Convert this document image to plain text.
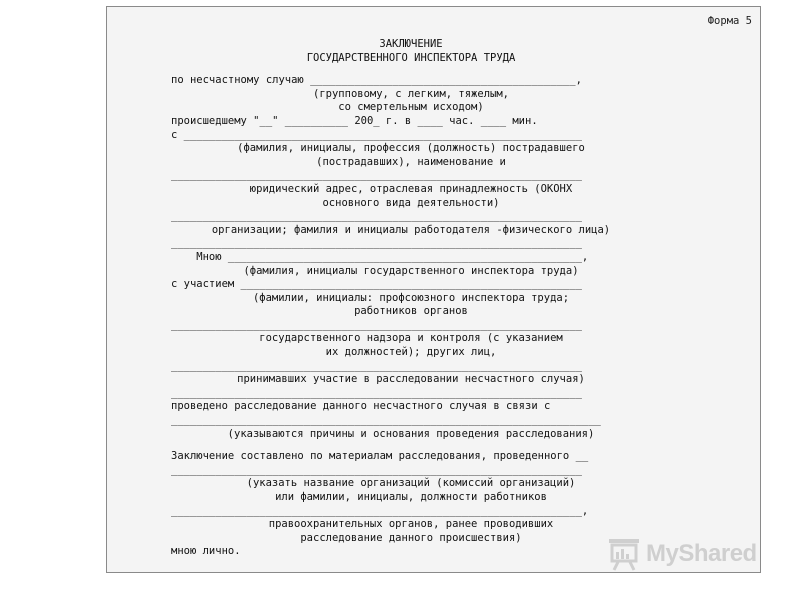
Форма 5
ЗАКЛЮЧЕНИЕ
ГОСУДАРСТВЕННОГО ИНСПЕКТОРА ТРУДА
по несчастному случаю __________________________________________,
(групповому, с легким, тяжелым,
со смертельным исходом)
происшедшему "__" __________ 200_ г. в ____ час. ____ мин.
с _______________________________________________________________
(фамилия, инициалы, профессия (должность) пострадавшего
(пострадавших), наименование и
_________________________________________________________________
юридический адрес, отраслевая принадлежность (ОКОНХ
основного вида деятельности)
_________________________________________________________________
организации; фамилия и инициалы работодателя -физического лица)
_________________________________________________________________
Мною ________________________________________________________,
(фамилия, инициалы государственного инспектора труда)
с участием ______________________________________________________
(фамилии, инициалы: профсоюзного инспектора труда;
работников органов
_________________________________________________________________
государственного надзора и контроля (с указанием
их должностей); других лиц,
_________________________________________________________________
принимавших участие в расследовании несчастного случая)
_________________________________________________________________
проведено расследование данного несчастного случая в связи с
____________________________________________________________________
(указываются причины и основания проведения расследования)
Заключение составлено по материалам расследования, проведенного __
_________________________________________________________________
(указать название организаций (комиссий организаций)
или фамилии, инициалы, должности работников
_________________________________________________________________,
правоохранительных органов, ранее проводивших
расследование данного происшествия)
мною лично.	MyShared
